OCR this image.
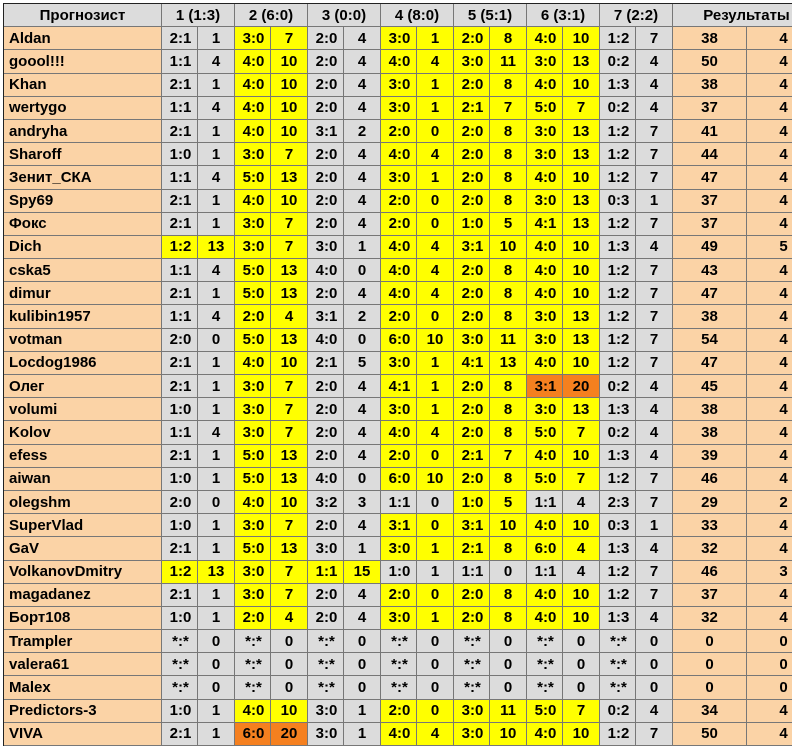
Прогнозист	1 (1:3)	2 (6:0)	3 (0:0)	4 (8:0)	5 (5:1)	6 (3:1)	7 (2:2)	Результаты
Aldan	2:1	1	3:0	7	2:0	4	3:0	1	2:0	8	4:0	10	1:2	7	38	4
goool!!!	1:1	4	4:0	10	2:0	4	4:0	4	3:0	11	3:0	13	0:2	4	50	4
Khan	2:1	1	4:0	10	2:0	4	3:0	1	2:0	8	4:0	10	1:3	4	38	4
wertygo	1:1	4	4:0	10	2:0	4	3:0	1	2:1	7	5:0	7	0:2	4	37	4
andryha	2:1	1	4:0	10	3:1	2	2:0	0	2:0	8	3:0	13	1:2	7	41	4
Sharoff	1:0	1	3:0	7	2:0	4	4:0	4	2:0	8	3:0	13	1:2	7	44	4
Зенит_СКА	1:1	4	5:0	13	2:0	4	3:0	1	2:0	8	4:0	10	1:2	7	47	4
Spy69	2:1	1	4:0	10	2:0	4	2:0	0	2:0	8	3:0	13	0:3	1	37	4
Фокс	2:1	1	3:0	7	2:0	4	2:0	0	1:0	5	4:1	13	1:2	7	37	4
Dich	1:2	13	3:0	7	3:0	1	4:0	4	3:1	10	4:0	10	1:3	4	49	5
cska5	1:1	4	5:0	13	4:0	0	4:0	4	2:0	8	4:0	10	1:2	7	43	4
dimur	2:1	1	5:0	13	2:0	4	4:0	4	2:0	8	4:0	10	1:2	7	47	4
kulibin1957	1:1	4	2:0	4	3:1	2	2:0	0	2:0	8	3:0	13	1:2	7	38	4
votman	2:0	0	5:0	13	4:0	0	6:0	10	3:0	11	3:0	13	1:2	7	54	4
Locdog1986	2:1	1	4:0	10	2:1	5	3:0	1	4:1	13	4:0	10	1:2	7	47	4
Олег	2:1	1	3:0	7	2:0	4	4:1	1	2:0	8	3:1	20	0:2	4	45	4
volumi	1:0	1	3:0	7	2:0	4	3:0	1	2:0	8	3:0	13	1:3	4	38	4
Kolov	1:1	4	3:0	7	2:0	4	4:0	4	2:0	8	5:0	7	0:2	4	38	4
efess	2:1	1	5:0	13	2:0	4	2:0	0	2:1	7	4:0	10	1:3	4	39	4
aiwan	1:0	1	5:0	13	4:0	0	6:0	10	2:0	8	5:0	7	1:2	7	46	4
olegshm	2:0	0	4:0	10	3:2	3	1:1	0	1:0	5	1:1	4	2:3	7	29	2
SuperVlad	1:0	1	3:0	7	2:0	4	3:1	0	3:1	10	4:0	10	0:3	1	33	4
GaV	2:1	1	5:0	13	3:0	1	3:0	1	2:1	8	6:0	4	1:3	4	32	4
VolkanovDmitry	1:2	13	3:0	7	1:1	15	1:0	1	1:1	0	1:1	4	1:2	7	46	3
magadanez	2:1	1	3:0	7	2:0	4	2:0	0	2:0	8	4:0	10	1:2	7	37	4
Борт108	1:0	1	2:0	4	2:0	4	3:0	1	2:0	8	4:0	10	1:3	4	32	4
Trampler	*:*	0	*:*	0	*:*	0	*:*	0	*:*	0	*:*	0	*:*	0	0	0
valera61	*:*	0	*:*	0	*:*	0	*:*	0	*:*	0	*:*	0	*:*	0	0	0
Malex	*:*	0	*:*	0	*:*	0	*:*	0	*:*	0	*:*	0	*:*	0	0	0
Predictors-3	1:0	1	4:0	10	3:0	1	2:0	0	3:0	11	5:0	7	0:2	4	34	4
VIVA	2:1	1	6:0	20	3:0	1	4:0	4	3:0	10	4:0	10	1:2	7	50	4
